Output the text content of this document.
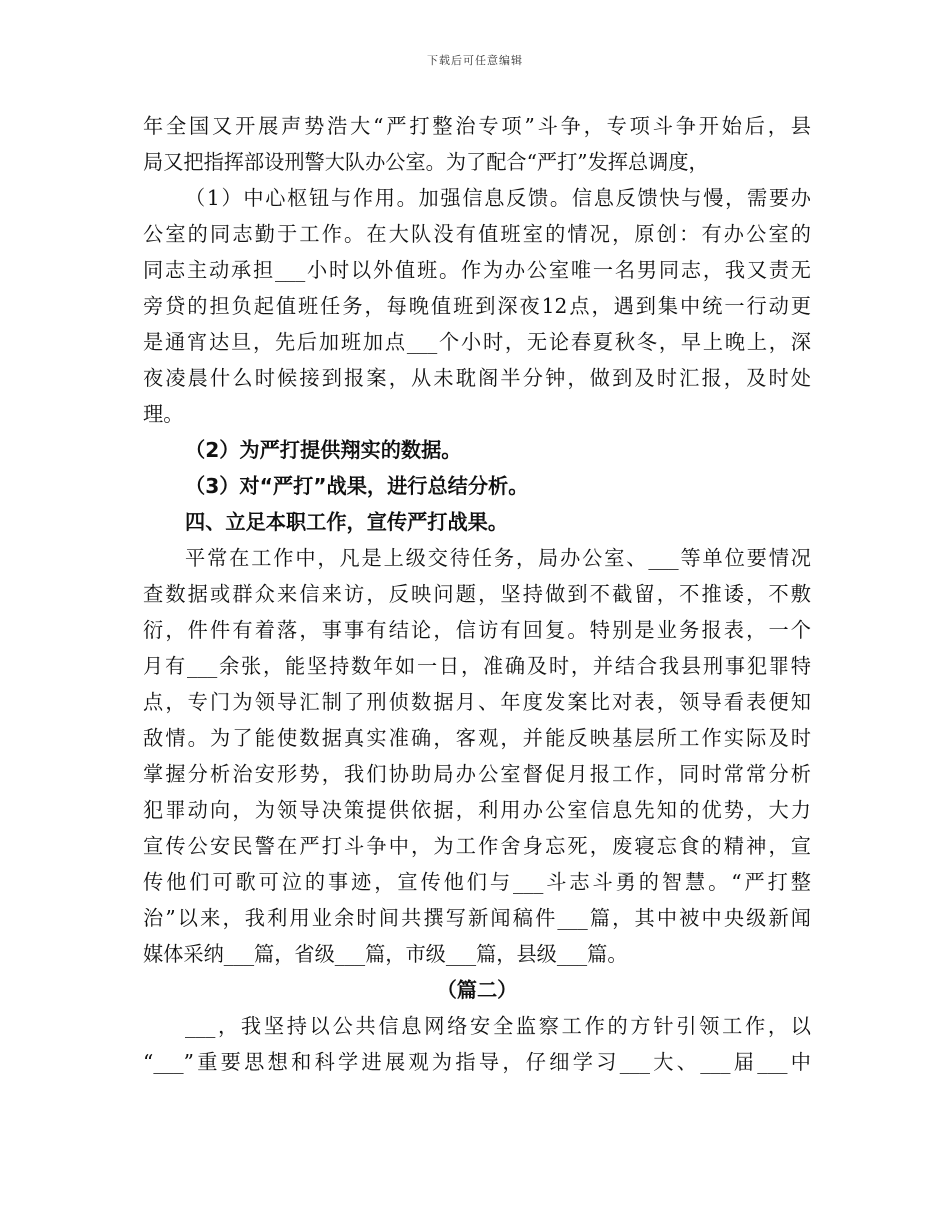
下载后可任意编辑
年全国又开展声势浩大“严打整治专项”斗争，专项斗争开始后，县
局又把指挥部设刑警大队办公室。为了配合“严打”发挥总调度，
（1）中心枢钮与作用。加强信息反馈。信息反馈快与慢，需要办
公室的同志勤于工作。在大队没有值班室的情况，原创：有办公室的
同志主动承担___小时以外值班。作为办公室唯一名男同志，我又责无
旁贷的担负起值班任务，每晚值班到深夜12点，遇到集中统一行动更
是通宵达旦，先后加班加点___个小时，无论春夏秋冬，早上晚上，深
夜凌晨什么时候接到报案，从未耽阁半分钟，做到及时汇报，及时处
理。
（2）为严打提供翔实的数据。
（3）对“严打”战果，进行总结分析。
四、立足本职工作，宣传严打战果。
平常在工作中，凡是上级交待任务，局办公室、___等单位要情况
查数据或群众来信来访，反映问题，坚持做到不截留，不推诿，不敷
衍，件件有着落，事事有结论，信访有回复。特别是业务报表，一个
月有___余张，能坚持数年如一日，准确及时，并结合我县刑事犯罪特
点，专门为领导汇制了刑侦数据月、年度发案比对表，领导看表便知
敌情。为了能使数据真实准确，客观，并能反映基层所工作实际及时
掌握分析治安形势，我们协助局办公室督促月报工作，同时常常分析
犯罪动向，为领导决策提供依据，利用办公室信息先知的优势，大力
宣传公安民警在严打斗争中，为工作舍身忘死，废寝忘食的精神，宣
传他们可歌可泣的事迹，宣传他们与___斗志斗勇的智慧。“严打整
治”以来，我利用业余时间共撰写新闻稿件___篇，其中被中央级新闻
媒体采纳___篇，省级___篇，市级___篇，县级___篇。
（篇二）
___，我坚持以公共信息网络安全监察工作的方针引领工作，以
“___”重要思想和科学进展观为指导，仔细学习___大、___届___中
